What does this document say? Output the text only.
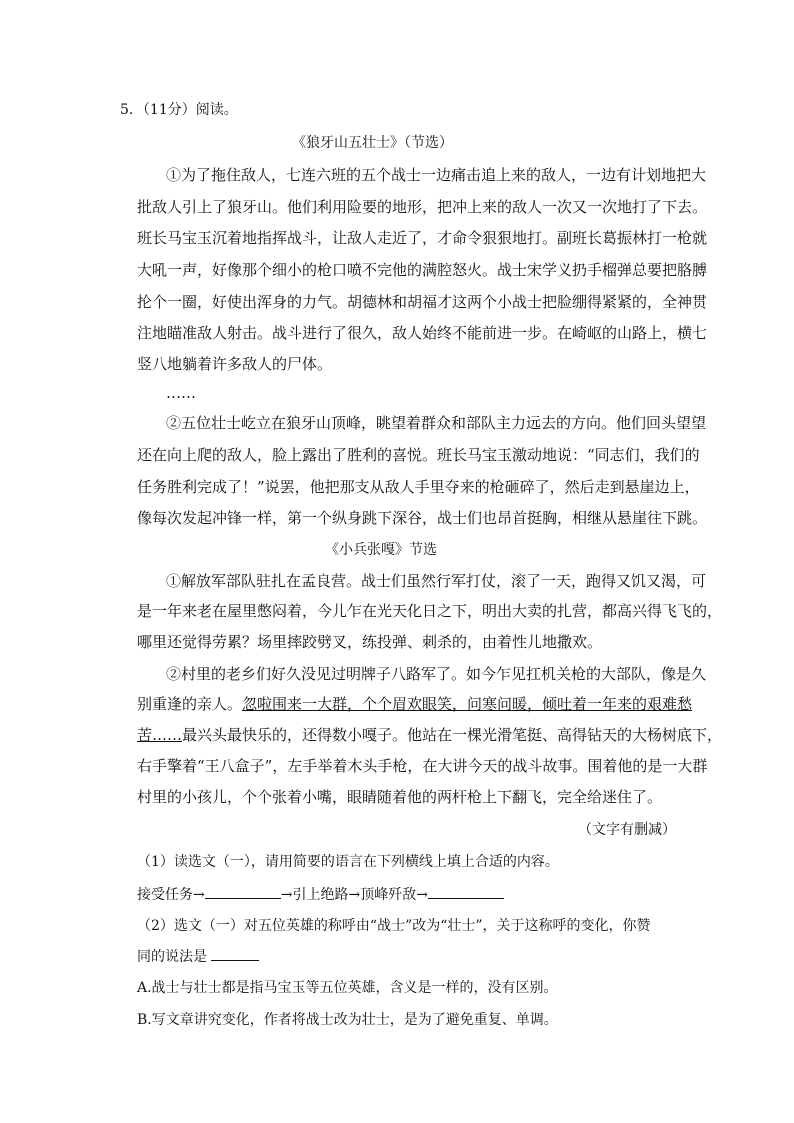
5．（11分）阅读。
《狼牙山五壮士》（节选）
①为了拖住敌人，七连六班的五个战士一边痛击追上来的敌人，一边有计划地把大
批敌人引上了狼牙山。他们利用险要的地形，把冲上来的敌人一次又一次地打了下去。
班长马宝玉沉着地指挥战斗，让敌人走近了，才命令狠狠地打。副班长葛振林打一枪就
大吼一声，好像那个细小的枪口喷不完他的满腔怒火。战士宋学义扔手榴弹总要把胳膊
抡个一圈，好使出浑身的力气。胡德林和胡福才这两个小战士把脸绷得紧紧的，全神贯
注地瞄准敌人射击。战斗进行了很久，敌人始终不能前进一步。在崎岖的山路上，横七
竖八地躺着许多敌人的尸体。
……
②五位壮士屹立在狼牙山顶峰，眺望着群众和部队主力远去的方向。他们回头望望
还在向上爬的敌人，脸上露出了胜利的喜悦。班长马宝玉激动地说：“同志们，我们的
任务胜利完成了！”说罢，他把那支从敌人手里夺来的枪砸碎了，然后走到悬崖边上，
像每次发起冲锋一样，第一个纵身跳下深谷，战士们也昂首挺胸，相继从悬崖往下跳。
《小兵张嘎》节选
①解放军部队驻扎在孟良营。战士们虽然行军打仗，滚了一天，跑得又饥又渴，可
是一年来老在屋里憋闷着，今儿乍在光天化日之下，明出大卖的扎营，都高兴得飞飞的，
哪里还觉得劳累？场里摔跤劈叉，练投弹、刺杀的，由着性儿地撒欢。
②村里的老乡们好久没见过明牌子八路军了。如今乍见扛机关枪的大部队，像是久
别重逢的亲人。忽啦围来一大群，个个眉欢眼笑，问寒问暖，倾吐着一年来的艰难愁
苦……最兴头最快乐的，还得数小嘎子。他站在一棵光滑笔挺、高得钻天的大杨树底下，
右手擎着“王八盒子”，左手举着木头手枪，在大讲今天的战斗故事。围着他的是一大群
村里的小孩儿，个个张着小嘴，眼睛随着他的两杆枪上下翻飞，完全给迷住了。
（文字有删减）
（1）读选文（一），请用简要的语言在下列横线上填上合适的内容。
接受任务→	→引上绝路→顶峰歼敌→
（2）选文（一）对五位英雄的称呼由“战士”改为“壮士”，关于这称呼的变化，你赞
同的说法是
A.战士与壮士都是指马宝玉等五位英雄，含义是一样的，没有区别。
B.写文章讲究变化，作者将战士改为壮士，是为了避免重复、单调。
